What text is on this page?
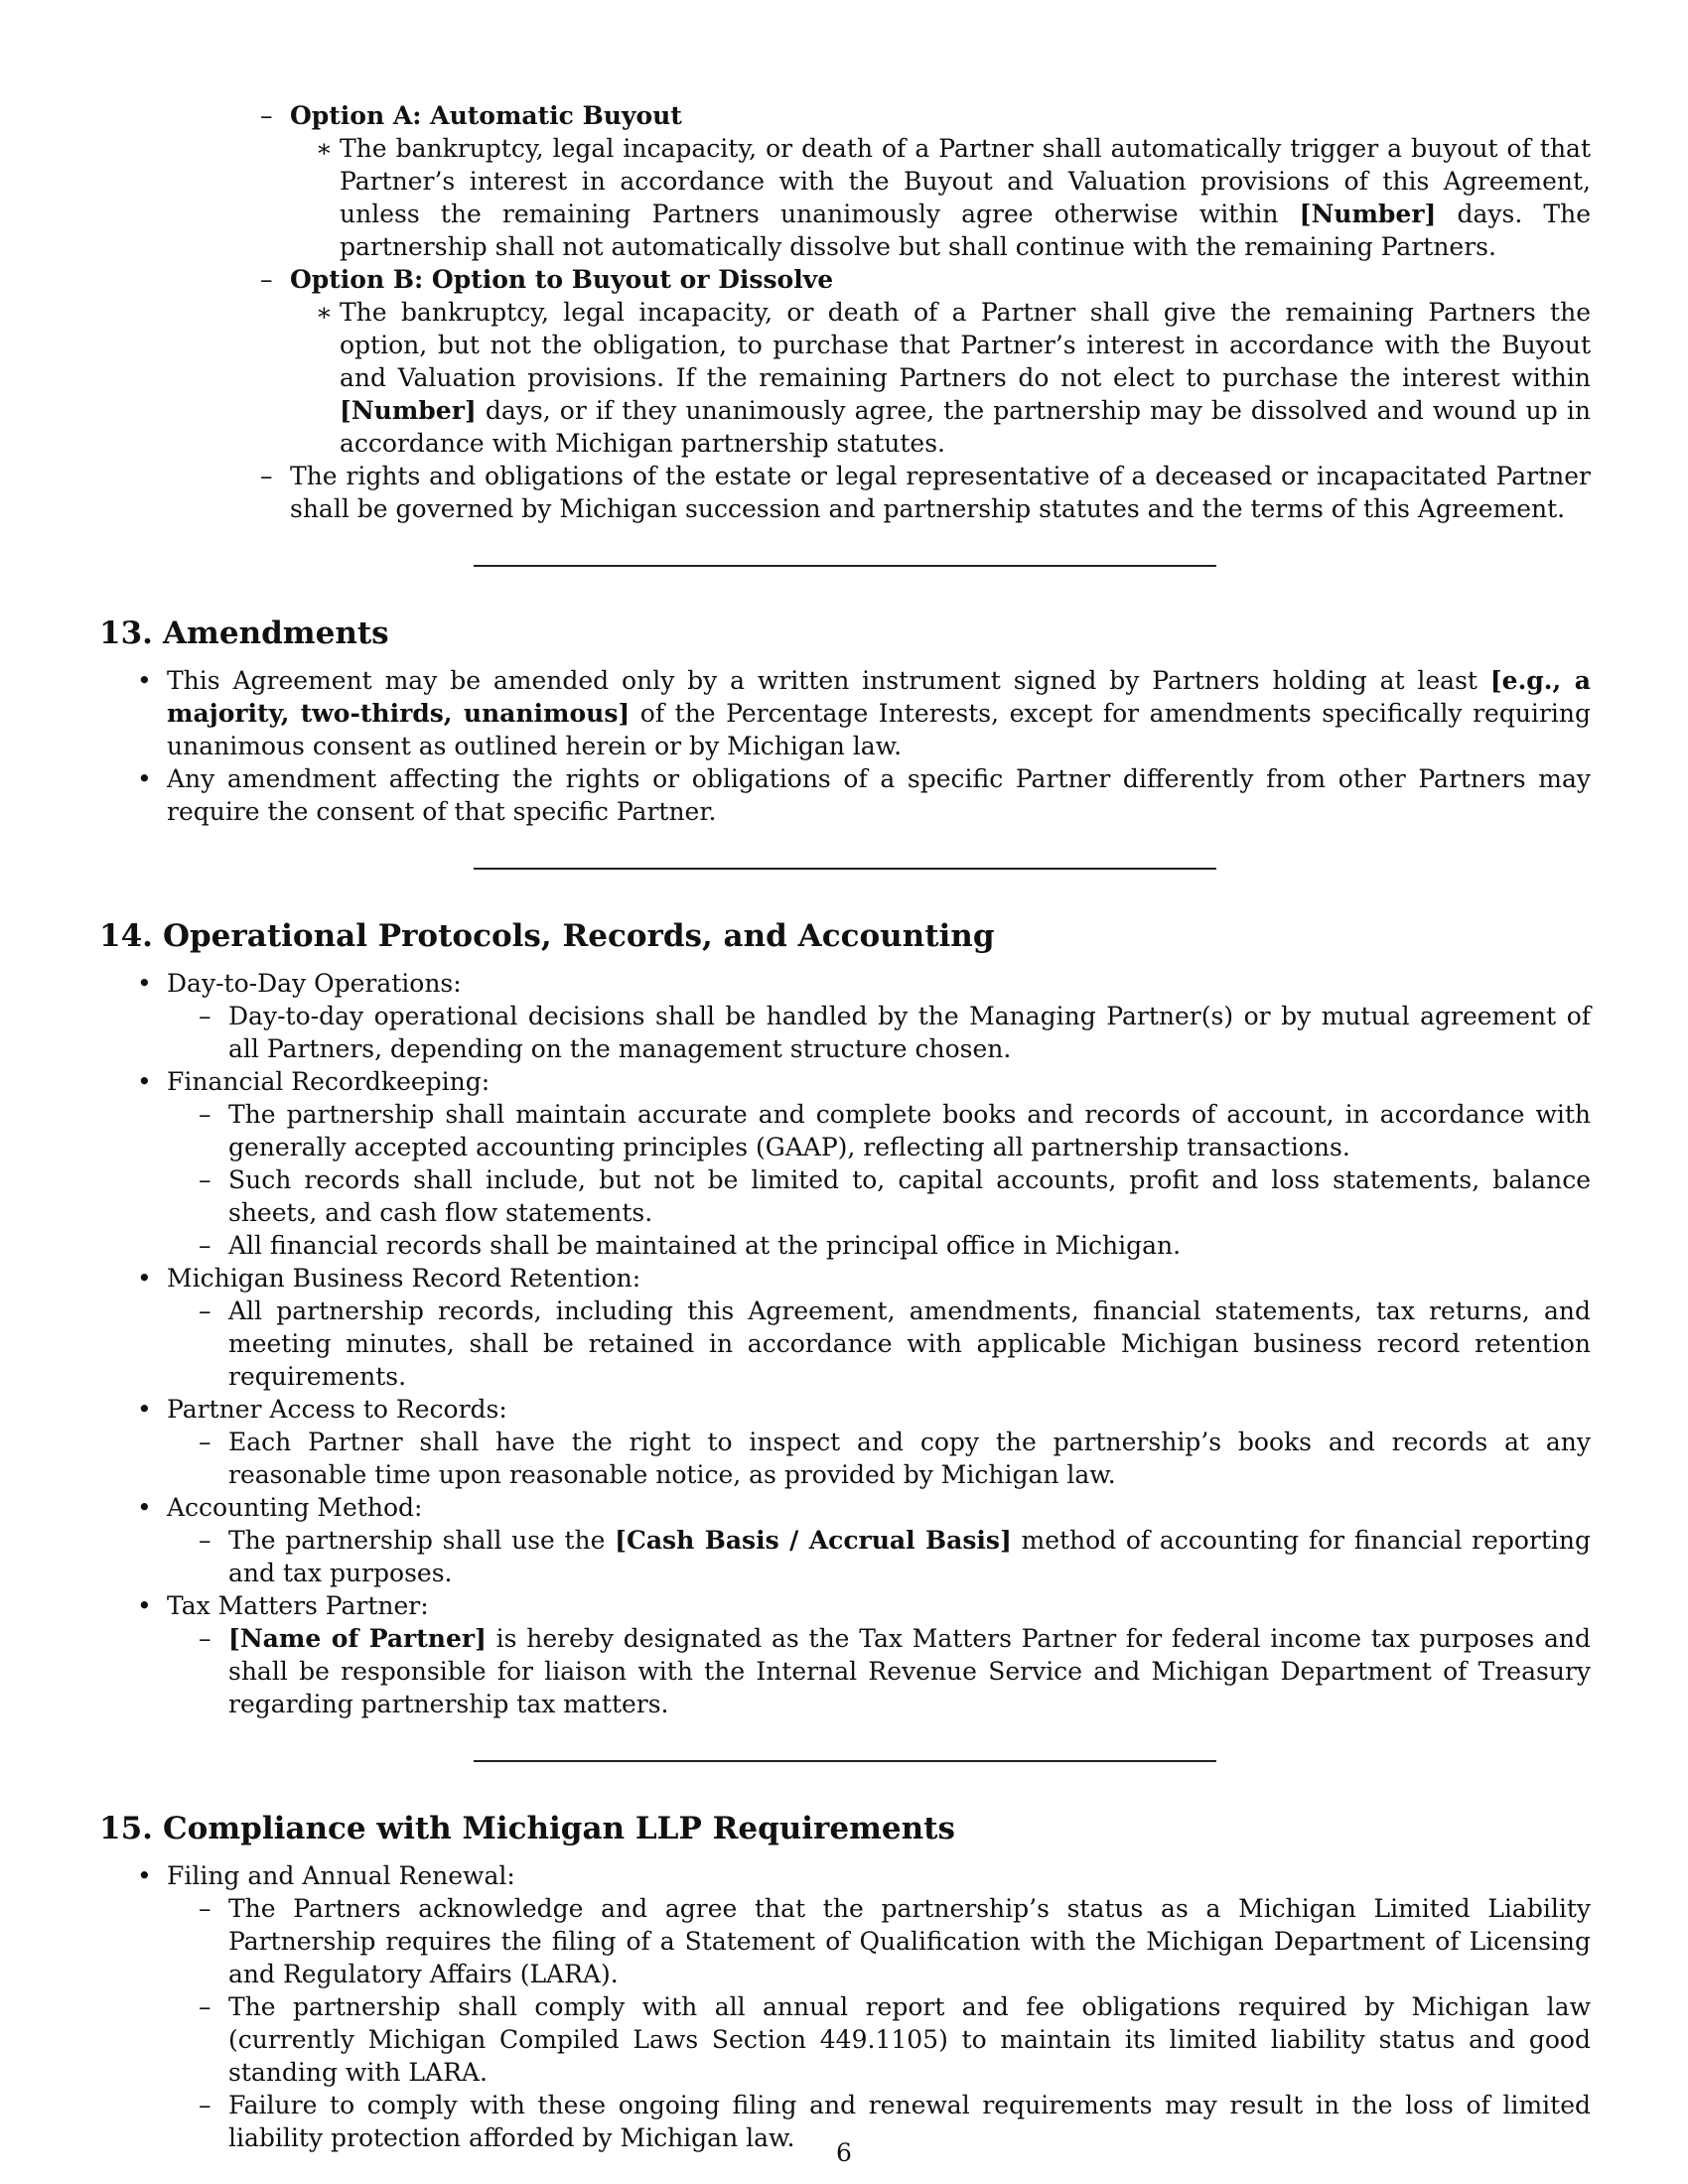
– Option A: Automatic Buyout
∗ The bankruptcy, legal incapacity, or death of a Partner shall automatically trigger a buyout of that Partner’s interest in accordance with the Buyout and Valuation provisions of this Agreement, unless the remaining Partners unanimously agree otherwise within [Number] days. The partnership shall not automatically dissolve but shall continue with the remaining Partners.
– Option B: Option to Buyout or Dissolve
∗ The bankruptcy, legal incapacity, or death of a Partner shall give the remaining Partners the option, but not the obligation, to purchase that Partner’s interest in accordance with the Buyout and Valuation provisions. If the remaining Partners do not elect to purchase the interest within [Number] days, or if they unanimously agree, the partnership may be dissolved and wound up in accordance with Michigan partnership statutes.
– The rights and obligations of the estate or legal representative of a deceased or incapacitated Partner shall be governed by Michigan succession and partnership statutes and the terms of this Agreement.
13. Amendments
• This Agreement may be amended only by a written instrument signed by Partners holding at least [e.g., a majority, two-thirds, unanimous] of the Percentage Interests, except for amendments specifically requiring unanimous consent as outlined herein or by Michigan law.
• Any amendment affecting the rights or obligations of a specific Partner differently from other Partners may require the consent of that specific Partner.
14. Operational Protocols, Records, and Accounting
• Day-to-Day Operations:
– Day-to-day operational decisions shall be handled by the Managing Partner(s) or by mutual agreement of all Partners, depending on the management structure chosen.
• Financial Recordkeeping:
– The partnership shall maintain accurate and complete books and records of account, in accordance with generally accepted accounting principles (GAAP), reflecting all partnership transactions.
– Such records shall include, but not be limited to, capital accounts, profit and loss statements, balance sheets, and cash flow statements.
– All financial records shall be maintained at the principal office in Michigan.
• Michigan Business Record Retention:
– All partnership records, including this Agreement, amendments, financial statements, tax returns, and meeting minutes, shall be retained in accordance with applicable Michigan business record retention requirements.
• Partner Access to Records:
– Each Partner shall have the right to inspect and copy the partnership’s books and records at any reasonable time upon reasonable notice, as provided by Michigan law.
• Accounting Method:
– The partnership shall use the [Cash Basis / Accrual Basis] method of accounting for financial reporting and tax purposes.
• Tax Matters Partner:
– [Name of Partner] is hereby designated as the Tax Matters Partner for federal income tax purposes and shall be responsible for liaison with the Internal Revenue Service and Michigan Department of Treasury regarding partnership tax matters.
15. Compliance with Michigan LLP Requirements
• Filing and Annual Renewal:
– The Partners acknowledge and agree that the partnership’s status as a Michigan Limited Liability Partnership requires the filing of a Statement of Qualification with the Michigan Department of Licensing and Regulatory Affairs (LARA).
– The partnership shall comply with all annual report and fee obligations required by Michigan law (currently Michigan Compiled Laws Section 449.1105) to maintain its limited liability status and good standing with LARA.
– Failure to comply with these ongoing filing and renewal requirements may result in the loss of limited liability protection afforded by Michigan law.
6
